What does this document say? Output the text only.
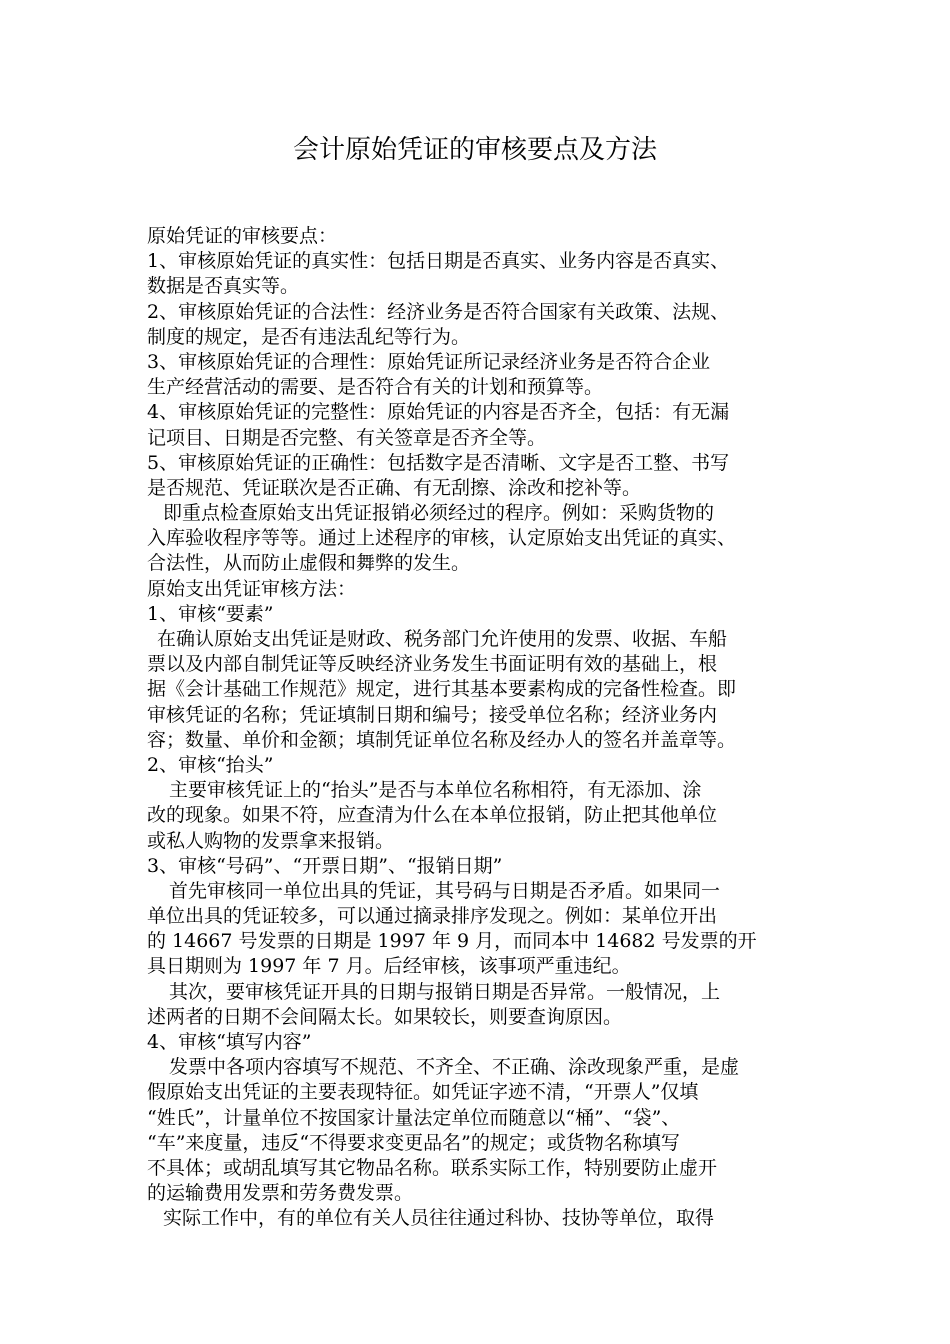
会计原始凭证的审核要点及方法
原始凭证的审核要点：
1、审核原始凭证的真实性：包括日期是否真实、业务内容是否真实、
数据是否真实等。
2、审核原始凭证的合法性：经济业务是否符合国家有关政策、法规、
制度的规定，是否有违法乱纪等行为。
3、审核原始凭证的合理性：原始凭证所记录经济业务是否符合企业
生产经营活动的需要、是否符合有关的计划和预算等。
4、审核原始凭证的完整性：原始凭证的内容是否齐全，包括：有无漏
记项目、日期是否完整、有关签章是否齐全等。
5、审核原始凭证的正确性：包括数字是否清晰、文字是否工整、书写
是否规范、凭证联次是否正确、有无刮擦、涂改和挖补等。
即重点检查原始支出凭证报销必须经过的程序。例如：采购货物的
入库验收程序等等。通过上述程序的审核，认定原始支出凭证的真实、
合法性，从而防止虚假和舞弊的发生。
原始支出凭证审核方法：
1、审核“要素”
在确认原始支出凭证是财政、税务部门允许使用的发票、收据、车船
票以及内部自制凭证等反映经济业务发生书面证明有效的基础上，根
据《会计基础工作规范》规定，进行其基本要素构成的完备性检查。即
审核凭证的名称；凭证填制日期和编号；接受单位名称；经济业务内
容；数量、单价和金额；填制凭证单位名称及经办人的签名并盖章等。
2、审核“抬头”
主要审核凭证上的“抬头”是否与本单位名称相符，有无添加、涂
改的现象。如果不符，应查清为什么在本单位报销，防止把其他单位
或私人购物的发票拿来报销。
3、审核“号码”、“开票日期”、“报销日期”
首先审核同一单位出具的凭证，其号码与日期是否矛盾。如果同一
单位出具的凭证较多，可以通过摘录排序发现之。例如：某单位开出
的 14667 号发票的日期是 1997 年 9 月，而同本中 14682 号发票的开
具日期则为 1997 年 7 月。后经审核，该事项严重违纪。
其次，要审核凭证开具的日期与报销日期是否异常。一般情况，上
述两者的日期不会间隔太长。如果较长，则要查询原因。
4、审核“填写内容”
发票中各项内容填写不规范、不齐全、不正确、涂改现象严重，是虚
假原始支出凭证的主要表现特征。如凭证字迹不清，“开票人”仅填
“姓氏”，计量单位不按国家计量法定单位而随意以“桶”、“袋”、
“车”来度量，违反“不得要求变更品名”的规定；或货物名称填写
不具体；或胡乱填写其它物品名称。联系实际工作，特别要防止虚开
的运输费用发票和劳务费发票。
实际工作中，有的单位有关人员往往通过科协、技协等单位，取得
